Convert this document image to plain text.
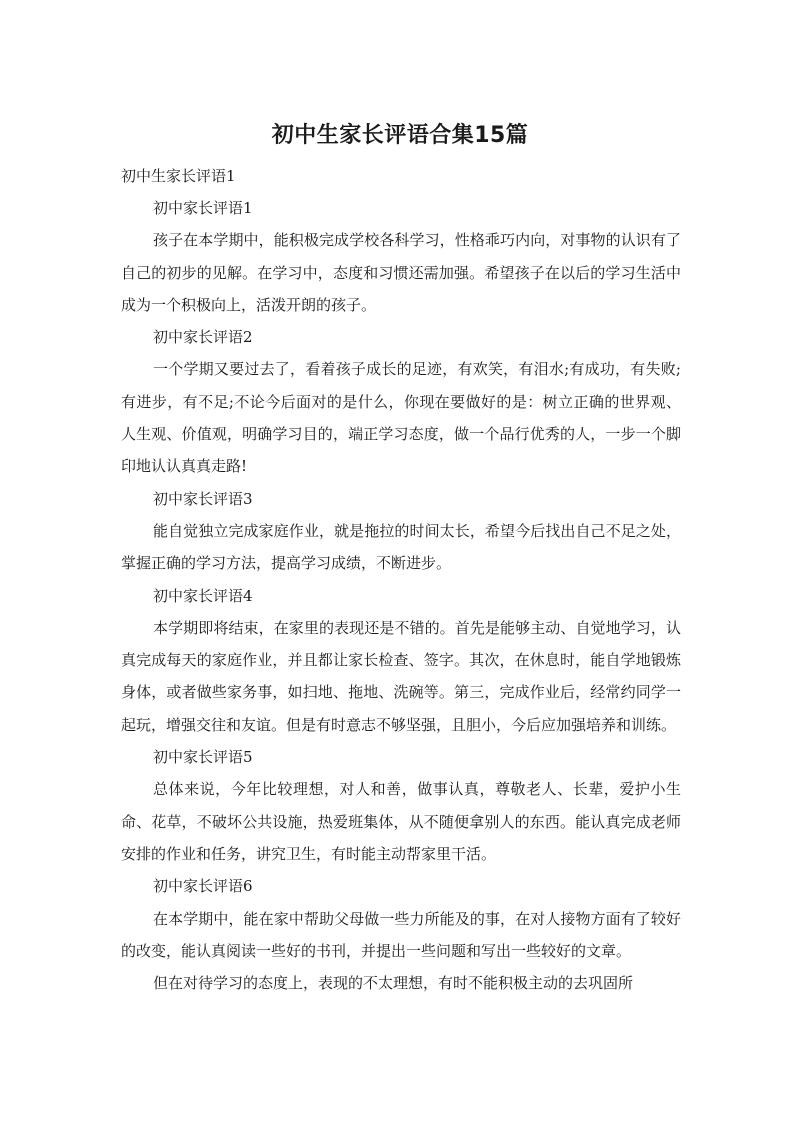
初中生家长评语合集15篇

初中生家长评语1

初中家长评语1

孩子在本学期中，能积极完成学校各科学习，性格乖巧内向，对事物的认识有了自己的初步的见解。在学习中，态度和习惯还需加强。希望孩子在以后的学习生活中成为一个积极向上，活泼开朗的孩子。

初中家长评语2

一个学期又要过去了，看着孩子成长的足迹，有欢笑，有泪水;有成功，有失败;有进步，有不足;不论今后面对的是什么，你现在要做好的是：树立正确的世界观、人生观、价值观，明确学习目的，端正学习态度，做一个品行优秀的人，一步一个脚印地认认真真走路!

初中家长评语3

能自觉独立完成家庭作业，就是拖拉的时间太长，希望今后找出自己不足之处，掌握正确的学习方法，提高学习成绩，不断进步。

初中家长评语4

本学期即将结束，在家里的表现还是不错的。首先是能够主动、自觉地学习，认真完成每天的家庭作业，并且都让家长检查、签字。其次，在休息时，能自学地锻炼身体，或者做些家务事，如扫地、拖地、洗碗等。第三，完成作业后，经常约同学一起玩，增强交往和友谊。但是有时意志不够坚强，且胆小，今后应加强培养和训练。

初中家长评语5

总体来说，今年比较理想，对人和善，做事认真，尊敬老人、长辈，爱护小生命、花草，不破坏公共设施，热爱班集体，从不随便拿别人的东西。能认真完成老师安排的作业和任务，讲究卫生，有时能主动帮家里干活。

初中家长评语6

在本学期中，能在家中帮助父母做一些力所能及的事，在对人接物方面有了较好的改变，能认真阅读一些好的书刊，并提出一些问题和写出一些较好的文章。

但在对待学习的态度上，表现的不太理想，有时不能积极主动的去巩固所
